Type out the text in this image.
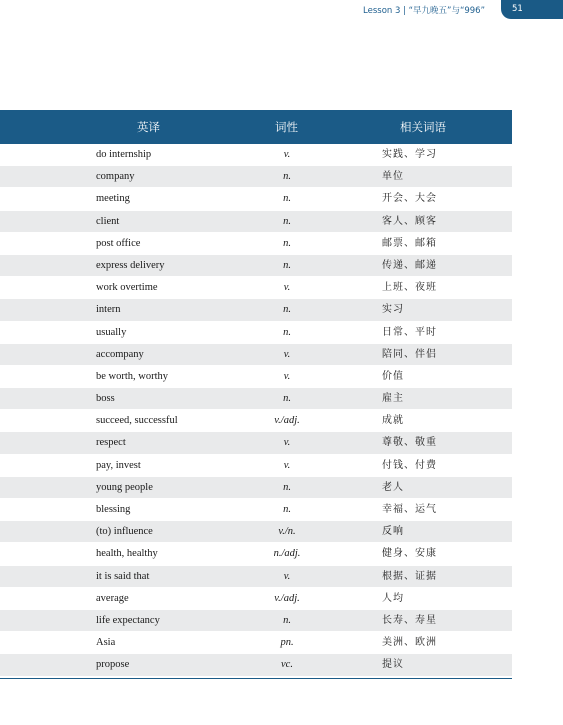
Lesson 3 | “早九晚五”与“996”	51
英译	词性	相关词语
do internship	v.	实践、学习
company	n.	单位
meeting	n.	开会、大会
client	n.	客人、顾客
post office	n.	邮票、邮箱
express delivery	n.	传递、邮递
work overtime	v.	上班、夜班
intern	n.	实习
usually	n.	日常、平时
accompany	v.	陪同、伴侣
be worth, worthy	v.	价值
boss	n.	雇主
succeed, successful	v./adj.	成就
respect	v.	尊敬、敬重
pay, invest	v.	付钱、付费
young people	n.	老人
blessing	n.	幸福、运气
(to) influence	v./n.	反响
health, healthy	n./adj.	健身、安康
it is said that	v.	根据、证据
average	v./adj.	人均
life expectancy	n.	长寿、寿星
Asia	pn.	美洲、欧洲
propose	vc.	提议
